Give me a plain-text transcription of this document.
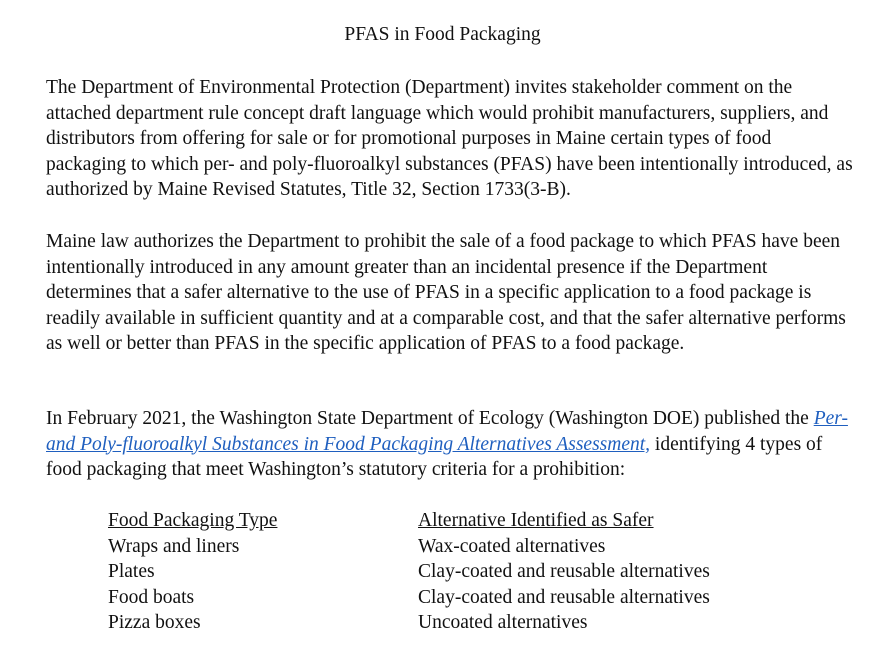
PFAS in Food Packaging

The Department of Environmental Protection (Department) invites stakeholder comment on the attached department rule concept draft language which would prohibit manufacturers, suppliers, and distributors from offering for sale or for promotional purposes in Maine certain types of food packaging to which per- and poly-fluoroalkyl substances (PFAS) have been intentionally introduced, as authorized by Maine Revised Statutes, Title 32, Section 1733(3-B).

Maine law authorizes the Department to prohibit the sale of a food package to which PFAS have been intentionally introduced in any amount greater than an incidental presence if the Department determines that a safer alternative to the use of PFAS in a specific application to a food package is readily available in sufficient quantity and at a comparable cost, and that the safer alternative performs as well or better than PFAS in the specific application of PFAS to a food package.

In February 2021, the Washington State Department of Ecology (Washington DOE) published the Per- and Poly-fluoroalkyl Substances in Food Packaging Alternatives Assessment, identifying 4 types of food packaging that meet Washington’s statutory criteria for a prohibition:

Food Packaging Type	Alternative Identified as Safer
Wraps and liners	Wax-coated alternatives
Plates	Clay-coated and reusable alternatives
Food boats	Clay-coated and reusable alternatives
Pizza boxes	Uncoated alternatives
